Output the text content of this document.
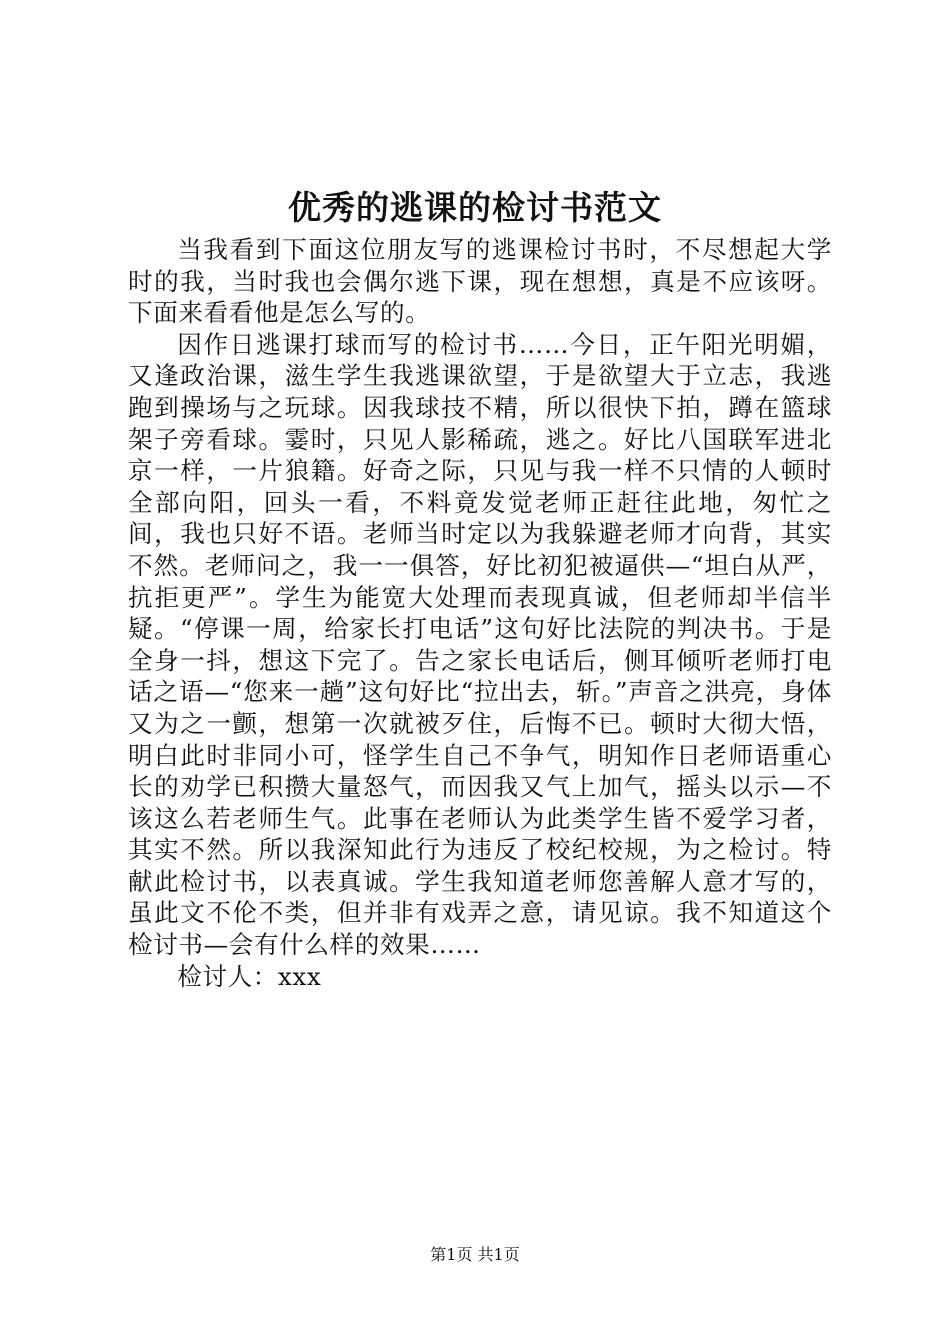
优秀的逃课的检讨书范文

当我看到下面这位朋友写的逃课检讨书时，不尽想起大学时的我，当时我也会偶尔逃下课，现在想想，真是不应该呀。下面来看看他是怎么写的。

因作日逃课打球而写的检讨书……今日，正午阳光明媚，又逢政治课，滋生学生我逃课欲望，于是欲望大于立志，我逃跑到操场与之玩球。因我球技不精，所以很快下拍，蹲在篮球架子旁看球。霎时，只见人影稀疏，逃之。好比八国联军进北京一样，一片狼籍。好奇之际，只见与我一样不只情的人顿时全部向阳，回头一看，不料竟发觉老师正赶往此地，匆忙之间，我也只好不语。老师当时定以为我躲避老师才向背，其实不然。老师问之，我一一俱答，好比初犯被逼供—“坦白从严，抗拒更严”。学生为能宽大处理而表现真诚，但老师却半信半疑。“停课一周，给家长打电话”这句好比法院的判决书。于是全身一抖，想这下完了。告之家长电话后，侧耳倾听老师打电话之语—“您来一趟”这句好比“拉出去，斩。”声音之洪亮，身体又为之一颤，想第一次就被歹住，后悔不已。顿时大彻大悟，明白此时非同小可，怪学生自己不争气，明知作日老师语重心长的劝学已积攒大量怒气，而因我又气上加气，摇头以示—不该这么若老师生气。此事在老师认为此类学生皆不爱学习者，其实不然。所以我深知此行为违反了校纪校规，为之检讨。特献此检讨书，以表真诚。学生我知道老师您善解人意才写的，虽此文不伦不类，但并非有戏弄之意，请见谅。我不知道这个检讨书—会有什么样的效果……

检讨人：xxx

第1页 共1页
